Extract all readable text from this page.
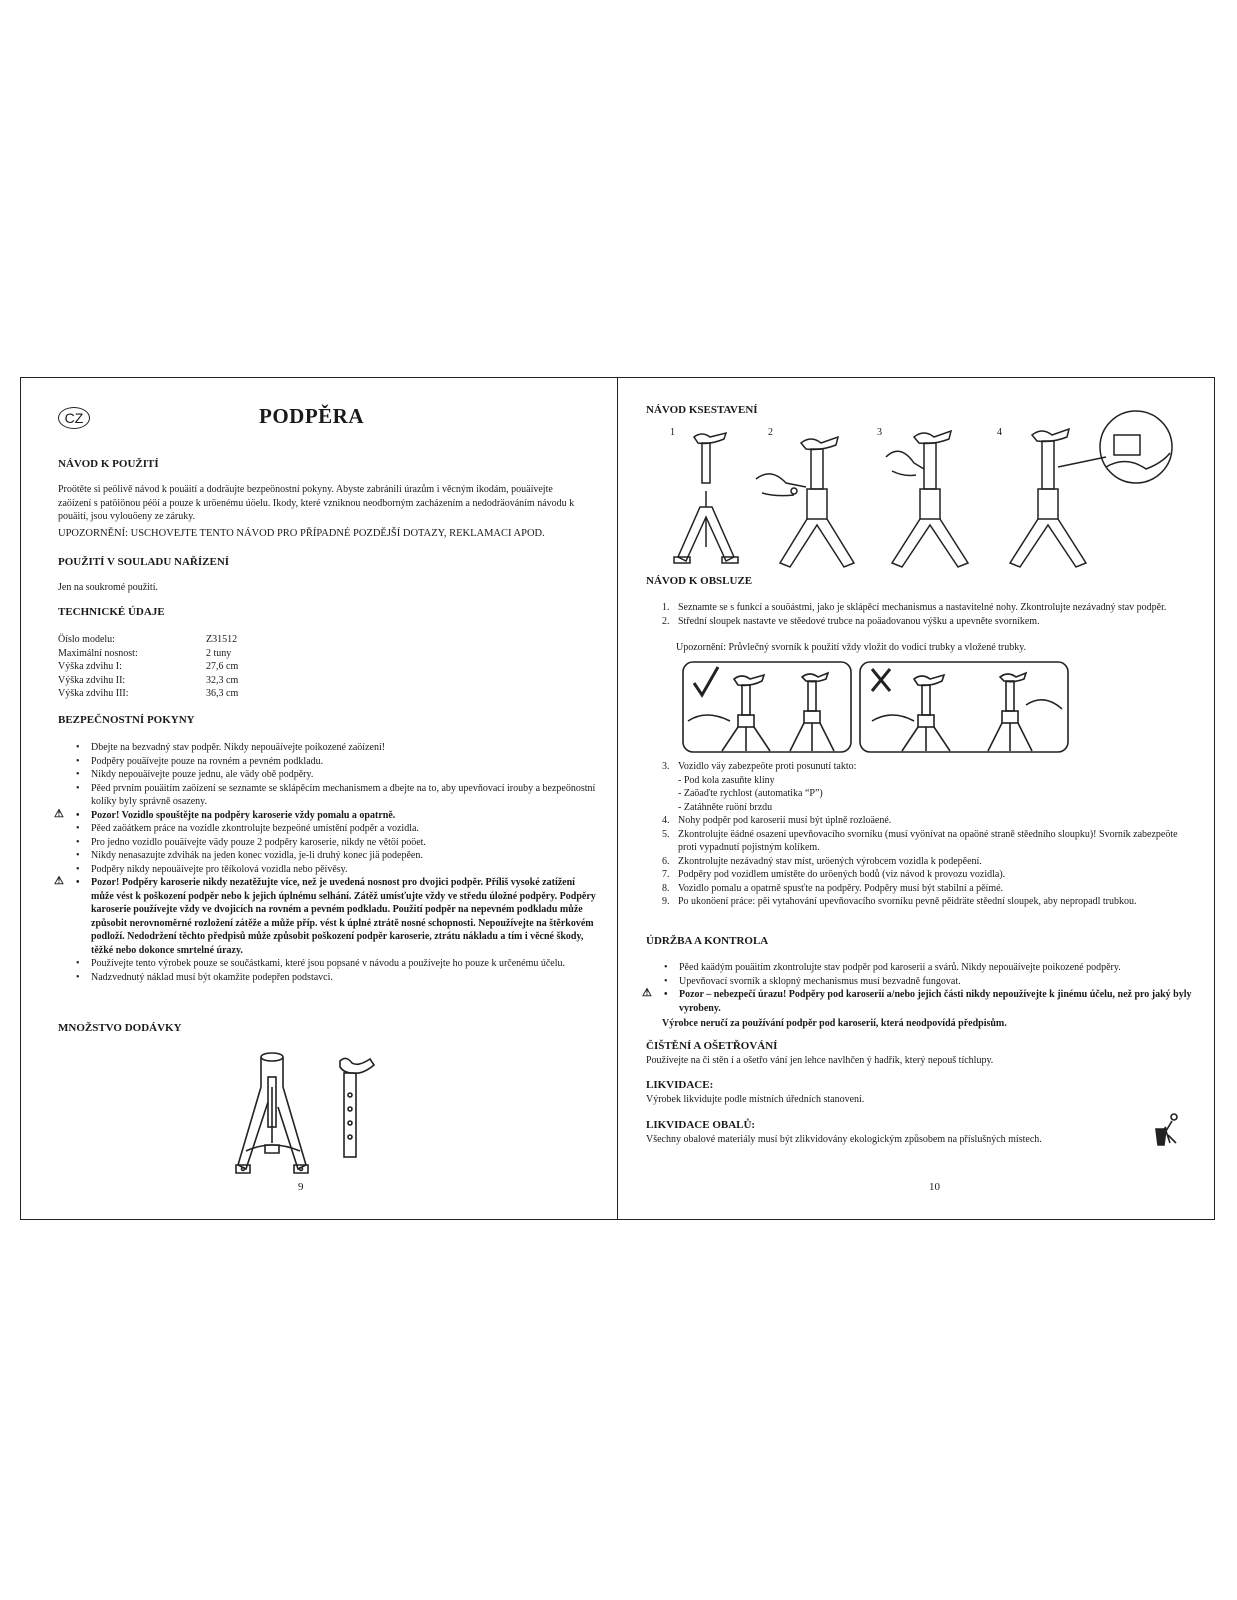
CZ	PODPĚRA
NÁVOD K POUŽITÍ

Proötěte si peölivě návod k pouäití a dodräujte bezpeönostní pokyny. Abyste zabránili úrazům i věcným ikodám, pouäívejte zaöízení s patöiönou péöí a pouze k uröenému úöelu. Ikody, které vzniknou neodborným zacházením a nedodräováním návodu k pouäití, jsou vylouöeny ze záruky.

UPOZORNĚNÍ: USCHOVEJTE TENTO NÁVOD PRO PŘÍPADNÉ POZDĚJŠÍ DOTAZY, REKLAMACI APOD.

POUŽITÍ V SOULADU NAŘÍZENÍ

Jen na soukromé použití.

TECHNICKÉ ÚDAJE
Öíslo modelu:	Z31512
Maximální nosnost:	2 tuny
Výška zdvihu I:	27,6 cm
Výška zdvihu II:	32,3 cm
Výška zdvihu III:	36,3 cm
BEZPEČNOSTNÍ POKYNY
• Dbejte na bezvadný stav podpěr. Nikdy nepouäívejte poikozené zaöízení!
• Podpěry pouäívejte pouze na rovném a pevném podkladu.
• Nikdy nepouäívejte pouze jednu, ale vädy obě podpěry.
• Pěed prvním pouäitím zaöízení se seznamte se sklápěcím mechanismem a dbejte na to, aby upevňovací irouby a bezpeönostní kolíky byly správně osazeny.
• Pozor! Vozidlo spouštějte na podpěry karoserie vždy pomalu a opatrně. ⚠
• Pěed zaöátkem práce na vozidle zkontrolujte bezpeöné umístění podpěr a vozidla.
• Pro jedno vozidlo pouäívejte vädy pouze 2 podpěry karoserie, nikdy ne větöí poöet.
• Nikdy nenasazujte zdvihák na jeden konec vozidla, je-li druhý konec jiä podepěen.
• Podpěry nikdy nepouäívejte pro těíkolová vozidla nebo pěívěsy.
• Pozor! Podpěry karoserie nikdy nezatěžujte více, než je uvedená nosnost pro dvojici podpěr. Příliš vysoké zatížení může vést k poškození podpěr nebo k jejich úplnému selhání. Zátěž umísťujte vždy ve středu úložné podpěry. Podpěry karoserie používejte vždy ve dvojicích na rovném a pevném podkladu. Použití podpěr na nepevném podkladu může způsobit nerovnoměrné rozložení zátěže a může příp. vést k úplné ztrátě nosné schopnosti. Nepoužívejte na štěrkovém podloží. Nedodržení těchto předpisů může způsobit poškození podpěr karoserie, ztrátu nákladu a tím i věcné škody, těžké nebo dokonce smrtelné úrazy. ⚠
• Používejte tento výrobek pouze se součástkami, které jsou popsané v návodu a používejte ho pouze k určenému účelu.
• Nadzvednutý náklad musí být okamžite podepřen podstavci.
MNOŽSTVO DODÁVKY
9
NÁVOD KSESTAVENÍ
1	2	3	4
NÁVOD K OBSLUZE
1. Seznamte se s funkcí a souöástmi, jako je sklápěcí mechanismus a nastavitelné nohy. Zkontrolujte nezávadný stav podpěr.
2. Střední sloupek nastavte ve stěedové trubce na poäadovanou výšku a upevněte svorníkem.

Upozornění: Průvlečný svorník k použití vždy vložit do vodicí trubky a vložené trubky.

3. Vozidlo väy zabezpeöte proti posunutí takto:
- Pod kola zasuňte klíny
- Zaöaďte rychlost (automatika “P”)
- Zatáhněte ruöní brzdu
4. Nohy podpěr pod karoserií musí být úplně rozloäené.
5. Zkontrolujte ëádné osazení upevňovacího svorníku (musí vyönívat na opaöné straně stěedního sloupku)! Svorník zabezpeöte proti vypadnutí pojistným kolíkem.
6. Zkontrolujte nezávadný stav míst, uröených výrobcem vozidla k podepěení.
7. Podpěry pod vozidlem umístěte do uröených bodů (viz návod k provozu vozidla).
8. Vozidlo pomalu a opatrně spusťte na podpěry. Podpěry musí být stabilní a pěímé.
9. Po ukonöení práce: pěi vytahování upevňovacího svorníku pevně pěidräte stěední sloupek, aby nepropadl trubkou.
ÚDRŽBA A KONTROLA
• Pěed kaädým pouäitím zkontrolujte stav podpěr pod karoserií a svárů. Nikdy nepouäívejte poikozené podpěry.
• Upevňovací svorník a sklopný mechanismus musí bezvadně fungovat.
• Pozor – nebezpečí úrazu! Podpěry pod karoserií a/nebo jejich části nikdy nepoužívejte k jinému účelu, než pro jaký byly vyrobeny. ⚠

Výrobce neručí za používání podpěr pod karoserií, která neodpovídá předpisům.

ČIŠTĚNÍ A OŠETŘOVÁNÍ

Používejte na či stěn í a ošetřo vání jen lehce navlhčen ý hadřík, který nepouš tíchlupy.

LIKVIDACE:

Výrobek likvidujte podle místních úředních stanovení.

LIKVIDACE OBALŮ:

Všechny obalové materiály musí být zlikvidovány ekologickým způsobem na příslušných místech.

10
